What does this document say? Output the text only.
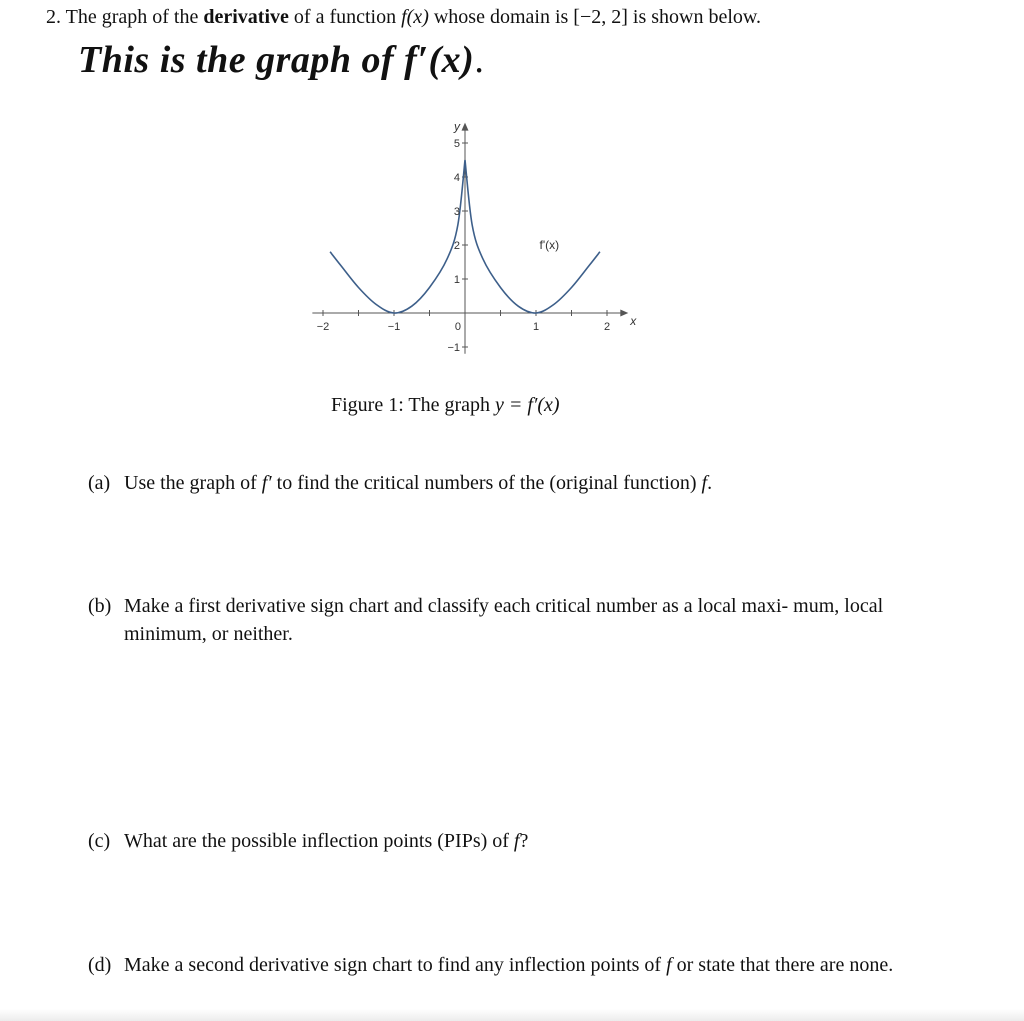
2. The graph of the derivative of a function f(x) whose domain is [−2, 2] is shown below.
This is the graph of f′(x).
x
y
f'(x)
−2	−1	0	1	2
−1
1
2
3
4
5
Figure 1: The graph y = f′(x)
(a) Use the graph of f′ to find the critical numbers of the (original function) f.
(b) Make a first derivative sign chart and classify each critical number as a local maxi- mum, local minimum, or neither.
(c) What are the possible inflection points (PIPs) of f?
(d) Make a second derivative sign chart to find any inflection points of f or state that there are none.
